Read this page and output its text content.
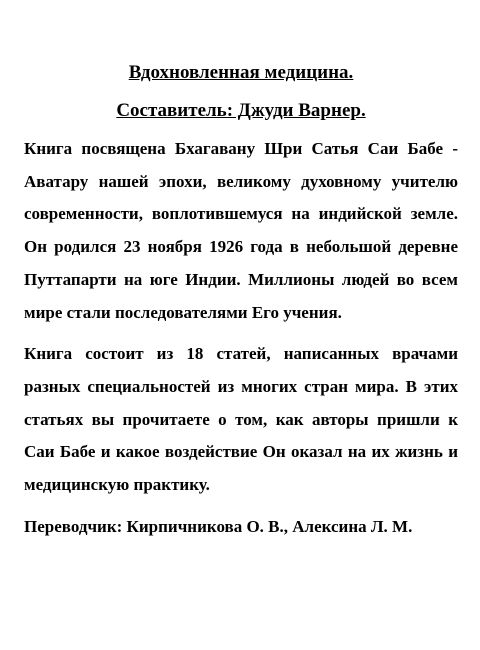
Вдохновленная медицина.
Составитель: Джуди Варнер.

Книга посвящена Бхагавану Шри Сатья Саи Бабе - Аватару нашей эпохи, великому духовному учителю современности, воплотившемуся на индийской земле. Он родился 23 ноября 1926 года в небольшой деревне Путтапарти на юге Индии. Миллионы людей во всем мире стали последователями Его учения.

Книга состоит из 18 статей, написанных врачами разных специальностей из многих стран мира. В этих статьях вы прочитаете о том, как авторы пришли к Саи Бабе и какое воздействие Он оказал на их жизнь и медицинскую практику.

Переводчик: Кирпичникова О. В., Алексина Л. М.
